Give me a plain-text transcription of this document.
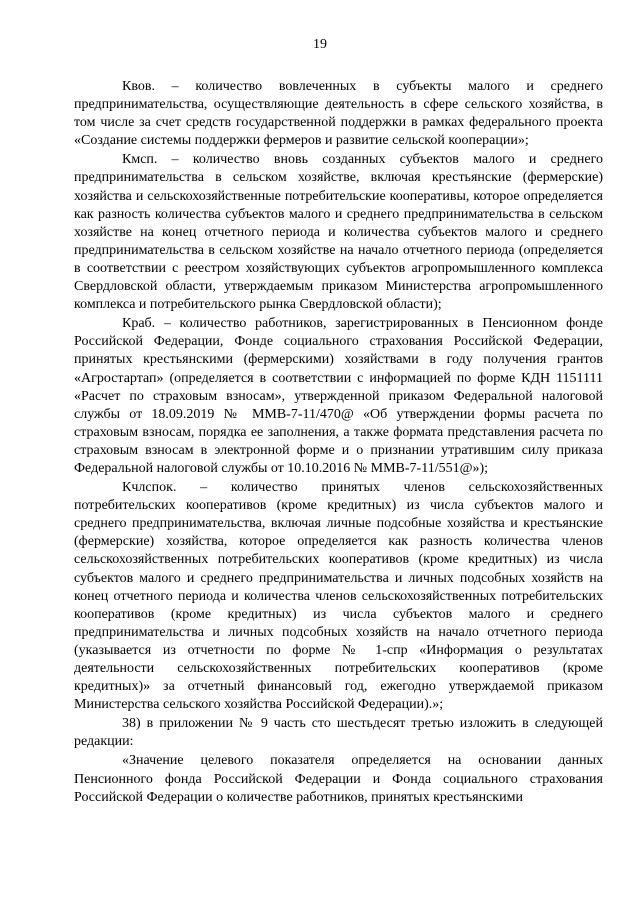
19

Квов. – количество вовлеченных в субъекты малого и среднего предпринимательства, осуществляющие деятельность в сфере сельского хозяйства, в том числе за счет средств государственной поддержки в рамках федерального проекта «Создание системы поддержки фермеров и развитие сельской кооперации»;

Кмсп. – количество вновь созданных субъектов малого и среднего предпринимательства в сельском хозяйстве, включая крестьянские (фермерские) хозяйства и сельскохозяйственные потребительские кооперативы, которое определяется как разность количества субъектов малого и среднего предпринимательства в сельском хозяйстве на конец отчетного периода и количества субъектов малого и среднего предпринимательства в сельском хозяйстве на начало отчетного периода (определяется в соответствии с реестром хозяйствующих субъектов агропромышленного комплекса Свердловской области, утверждаемым приказом Министерства агропромышленного комплекса и потребительского рынка Свердловской области);

Краб. – количество работников, зарегистрированных в Пенсионном фонде Российской Федерации, Фонде социального страхования Российской Федерации, принятых крестьянскими (фермерскими) хозяйствами в году получения грантов «Агростартап» (определяется в соответствии с информацией по форме КДН 1151111 «Расчет по страховым взносам», утвержденной приказом Федеральной налоговой службы от 18.09.2019 № ММВ-7-11/470@ «Об утверждении формы расчета по страховым взносам, порядка ее заполнения, а также формата представления расчета по страховым взносам в электронной форме и о признании утратившим силу приказа Федеральной налоговой службы от 10.10.2016 № ММВ-7-11/551@»);

Кчлспок. – количество принятых членов сельскохозяйственных потребительских кооперативов (кроме кредитных) из числа субъектов малого и среднего предпринимательства, включая личные подсобные хозяйства и крестьянские (фермерские) хозяйства, которое определяется как разность количества членов сельскохозяйственных потребительских кооперативов (кроме кредитных) из числа субъектов малого и среднего предпринимательства и личных подсобных хозяйств на конец отчетного периода и количества членов сельскохозяйственных потребительских кооперативов (кроме кредитных) из числа субъектов малого и среднего предпринимательства и личных подсобных хозяйств на начало отчетного периода (указывается из отчетности по форме № 1-спр «Информация о результатах деятельности сельскохозяйственных потребительских кооперативов (кроме кредитных)» за отчетный финансовый год, ежегодно утверждаемой приказом Министерства сельского хозяйства Российской Федерации).»;

38) в приложении № 9 часть сто шестьдесят третью изложить в следующей редакции:

«Значение целевого показателя определяется на основании данных Пенсионного фонда Российской Федерации и Фонда социального страхования Российской Федерации о количестве работников, принятых крестьянскими
